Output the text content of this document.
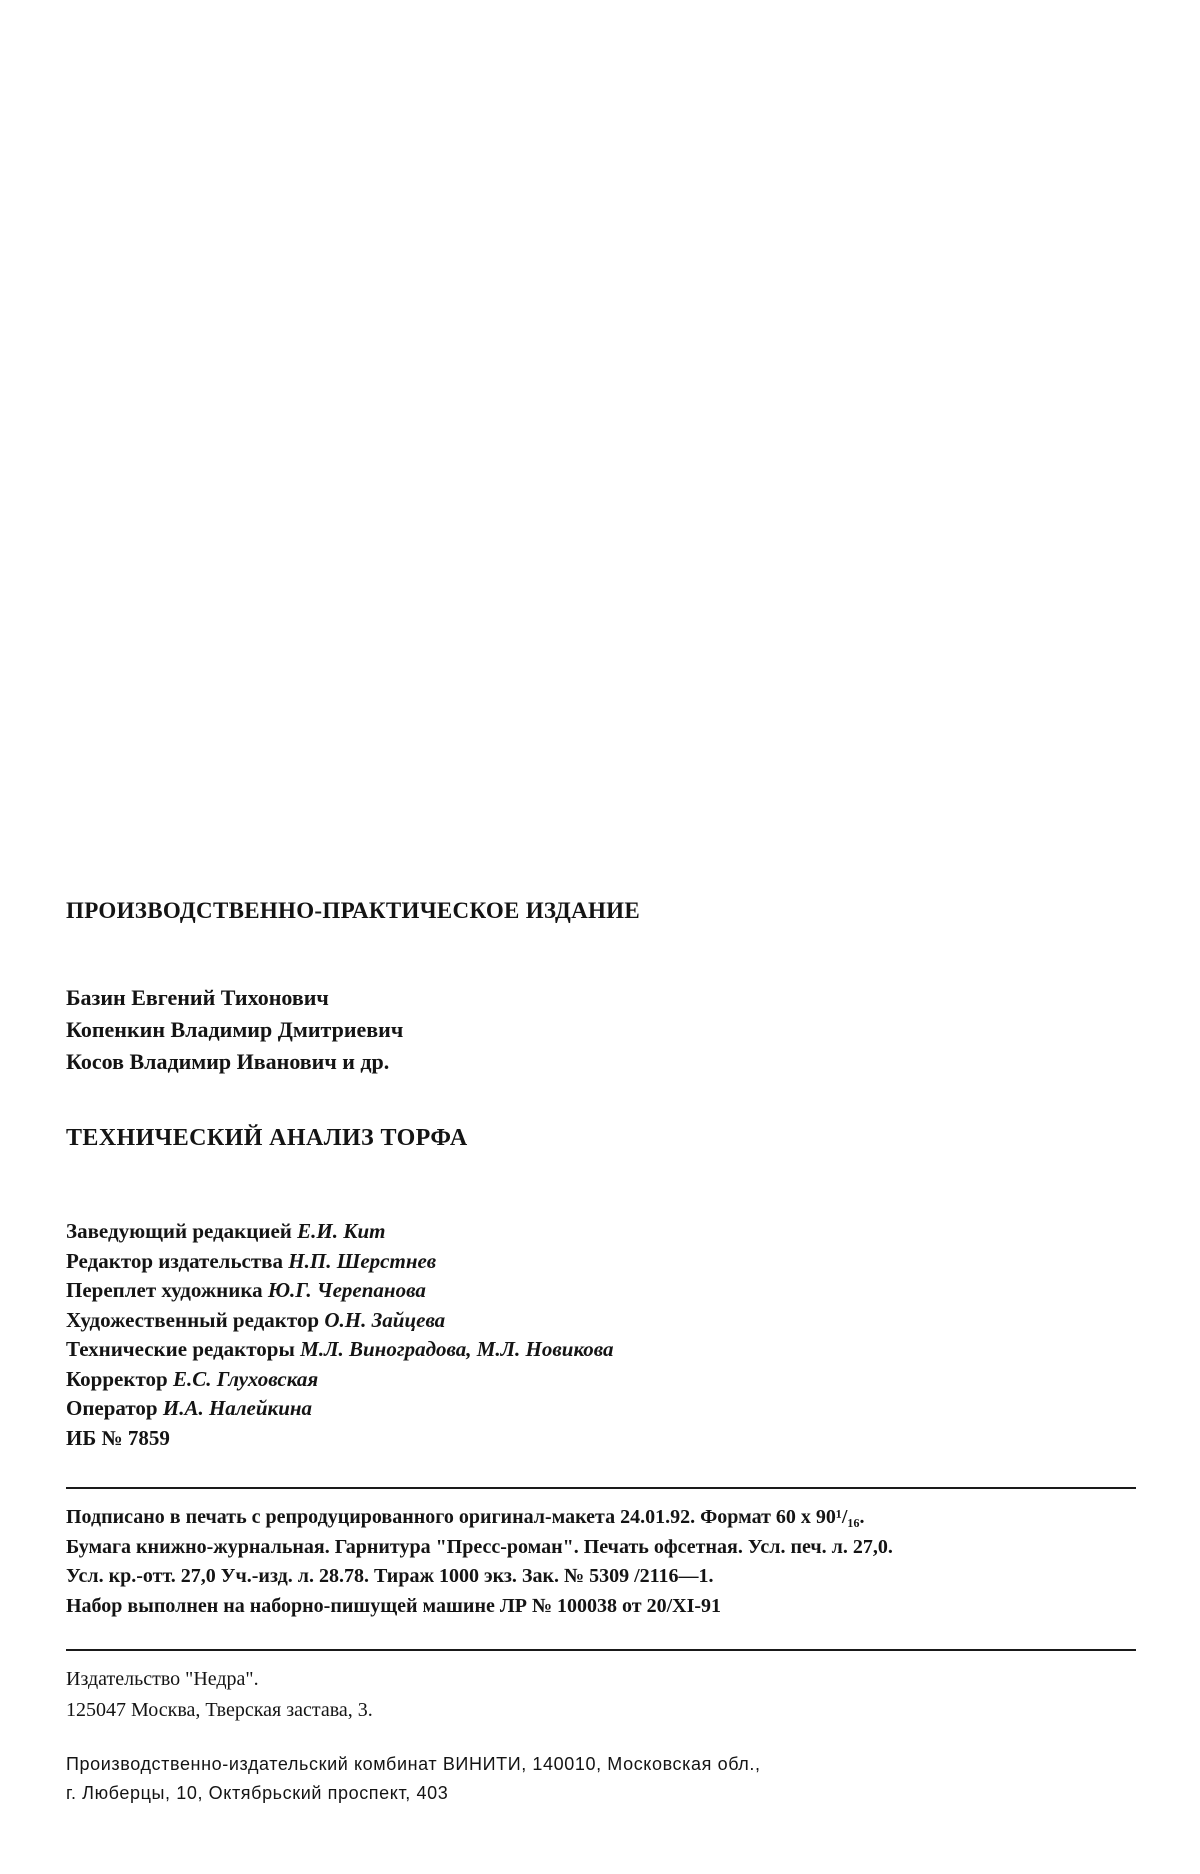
ПРОИЗВОДСТВЕННО-ПРАКТИЧЕСКОЕ ИЗДАНИЕ
Базин Евгений Тихонович
Копенкин Владимир Дмитриевич
Косов Владимир Иванович и др.
ТЕХНИЧЕСКИЙ АНАЛИЗ ТОРФА
Заведующий редакцией Е.И. Кит
Редактор издательства Н.П. Шерстнев
Переплет художника Ю.Г. Черепанова
Художественный редактор О.Н. Зайцева
Технические редакторы М.Л. Виноградова, М.Л. Новикова
Корректор Е.С. Глуховская
Оператор И.А. Налейкина
ИБ № 7859
Подписано в печать с репродуцированного оригинал-макета 24.01.92. Формат 60 х 90¹/₁₆.
Бумага книжно-журнальная. Гарнитура "Пресс-роман". Печать офсетная. Усл. печ. л. 27,0.
Усл. кр.-отт. 27,0 Уч.-изд. л. 28.78. Тираж 1000 экз. Зак. № 5309 /2116—1.
Набор выполнен на наборно-пишущей машине ЛР № 100038 от 20/XI-91
Издательство "Недра".
125047 Москва, Тверская застава, 3.
Производственно-издательский комбинат ВИНИТИ, 140010, Московская обл.,
г. Люберцы, 10, Октябрьский проспект, 403
